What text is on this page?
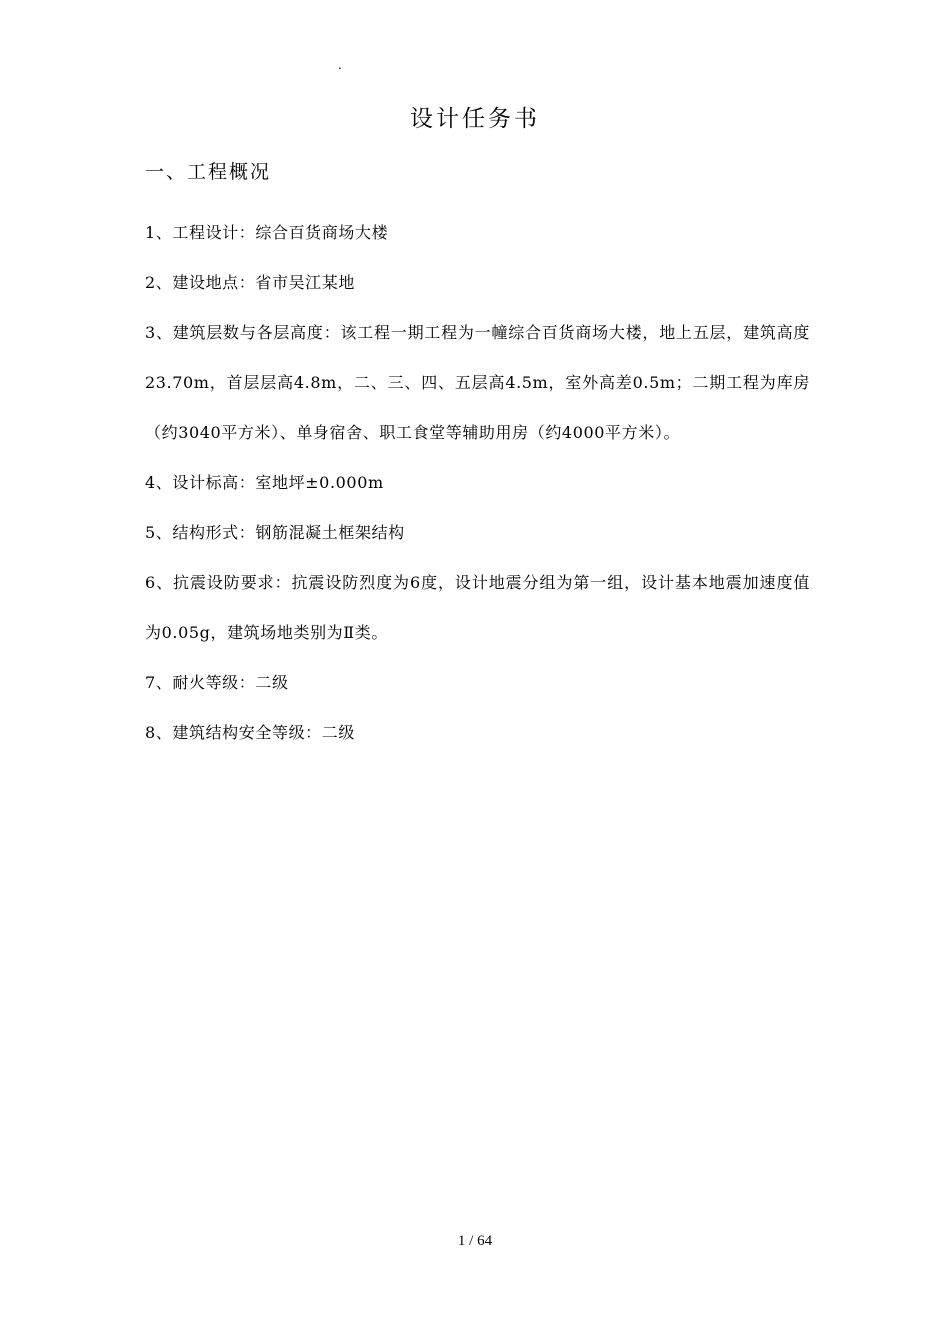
.
设计任务书
一、工程概况

1、工程设计：综合百货商场大楼

2、建设地点：省市吴江某地

3、建筑层数与各层高度：该工程一期工程为一幢综合百货商场大楼，地上五层，建筑高度23.70m，首层层高4.8m，二、三、四、五层高4.5m，室外高差0.5m；二期工程为库房（约3040平方米）、单身宿舍、职工食堂等辅助用房（约4000平方米）。

4、设计标高：室地坪±0.000m

5、结构形式：钢筋混凝土框架结构

6、抗震设防要求：抗震设防烈度为6度，设计地震分组为第一组，设计基本地震加速度值为0.05g，建筑场地类别为Ⅱ类。

7、耐火等级：二级

8、建筑结构安全等级：二级

1 / 64
